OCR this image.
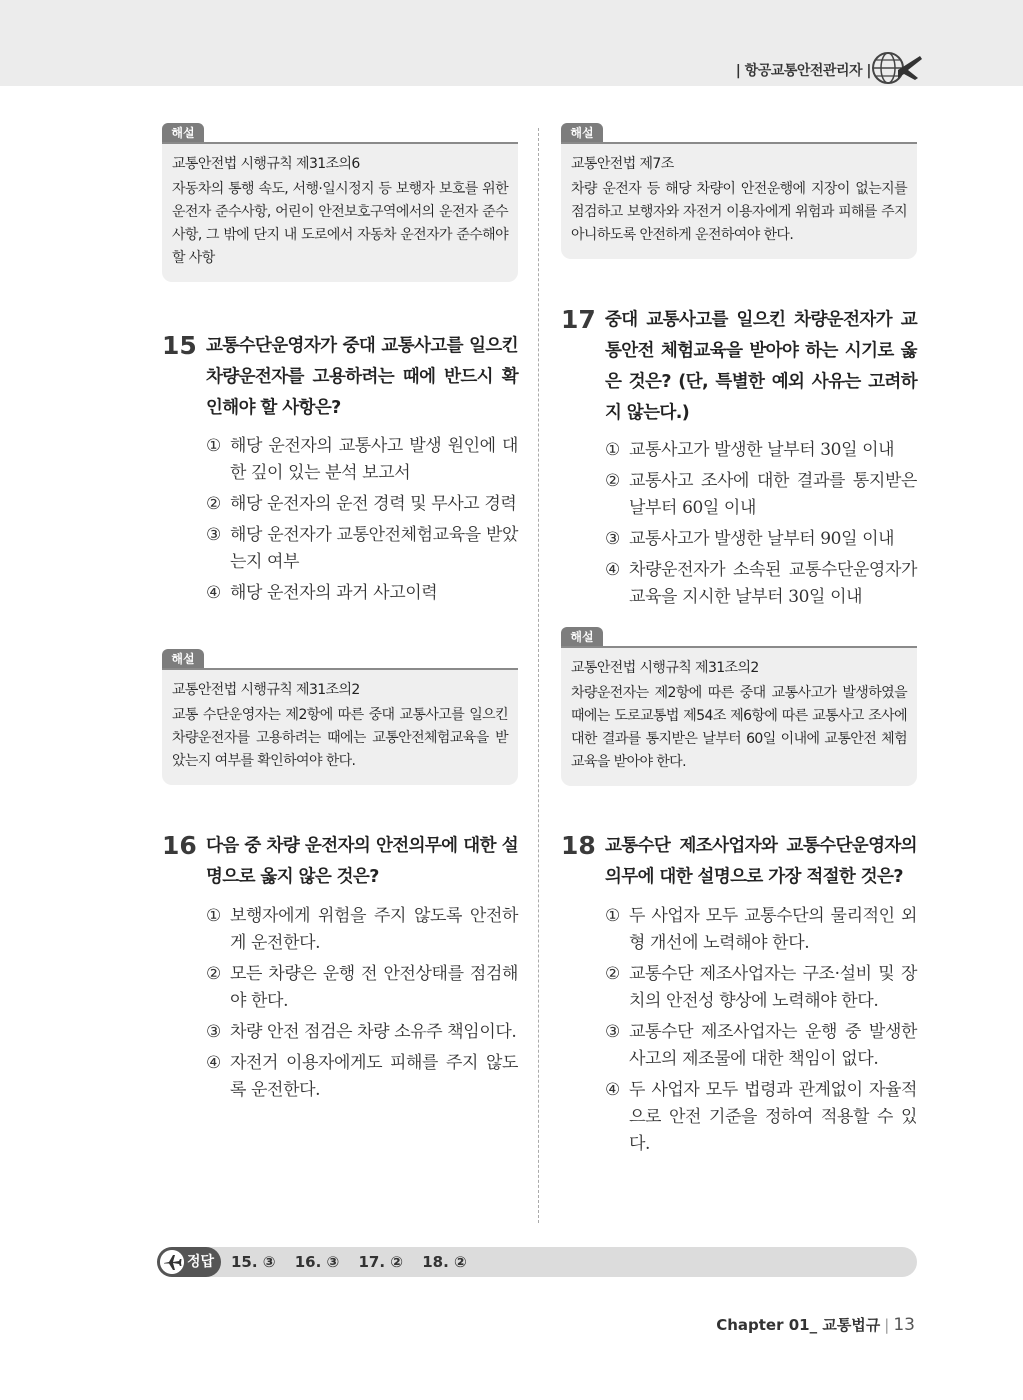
| 항공교통안전관리자 |
해설
교통안전법 시행규칙 제31조의6
자동차의 통행 속도, 서행·일시정지 등 보행자 보호를 위한 운전자 준수사항, 어린이 안전보호구역에서의 운전자 준수사항, 그 밖에 단지 내 도로에서 자동차 운전자가 준수해야 할 사항
15 교통수단운영자가 중대 교통사고를 일으킨 차량운전자를 고용하려는 때에 반드시 확인해야 할 사항은?
① 해당 운전자의 교통사고 발생 원인에 대한 깊이 있는 분석 보고서
② 해당 운전자의 운전 경력 및 무사고 경력
③ 해당 운전자가 교통안전체험교육을 받았는지 여부
④ 해당 운전자의 과거 사고이력
해설
교통안전법 시행규칙 제31조의2
교통 수단운영자는 제2항에 따른 중대 교통사고를 일으킨 차량운전자를 고용하려는 때에는 교통안전체험교육을 받았는지 여부를 확인하여야 한다.
16 다음 중 차량 운전자의 안전의무에 대한 설명으로 옳지 않은 것은?
① 보행자에게 위험을 주지 않도록 안전하게 운전한다.
② 모든 차량은 운행 전 안전상태를 점검해야 한다.
③ 차량 안전 점검은 차량 소유주 책임이다.
④ 자전거 이용자에게도 피해를 주지 않도록 운전한다.
해설
교통안전법 제7조
차량 운전자 등 해당 차량이 안전운행에 지장이 없는지를 점검하고 보행자와 자전거 이용자에게 위험과 피해를 주지 아니하도록 안전하게 운전하여야 한다.
17 중대 교통사고를 일으킨 차량운전자가 교통안전 체험교육을 받아야 하는 시기로 옳은 것은? (단, 특별한 예외 사유는 고려하지 않는다.)
① 교통사고가 발생한 날부터 30일 이내
② 교통사고 조사에 대한 결과를 통지받은 날부터 60일 이내
③ 교통사고가 발생한 날부터 90일 이내
④ 차량운전자가 소속된 교통수단운영자가 교육을 지시한 날부터 30일 이내
해설
교통안전법 시행규칙 제31조의2
차량운전자는 제2항에 따른 중대 교통사고가 발생하였을 때에는 도로교통법 제54조 제6항에 따른 교통사고 조사에 대한 결과를 통지받은 날부터 60일 이내에 교통안전 체험교육을 받아야 한다.
18 교통수단 제조사업자와 교통수단운영자의 의무에 대한 설명으로 가장 적절한 것은?
① 두 사업자 모두 교통수단의 물리적인 외형 개선에 노력해야 한다.
② 교통수단 제조사업자는 구조·설비 및 장치의 안전성 향상에 노력해야 한다.
③ 교통수단 제조사업자는 운행 중 발생한 사고의 제조물에 대한 책임이 없다.
④ 두 사업자 모두 법령과 관계없이 자율적으로 안전 기준을 정하여 적용할 수 있다.
정답 15. ③ 16. ③ 17. ② 18. ②
Chapter 01_ 교통법규 | 13
